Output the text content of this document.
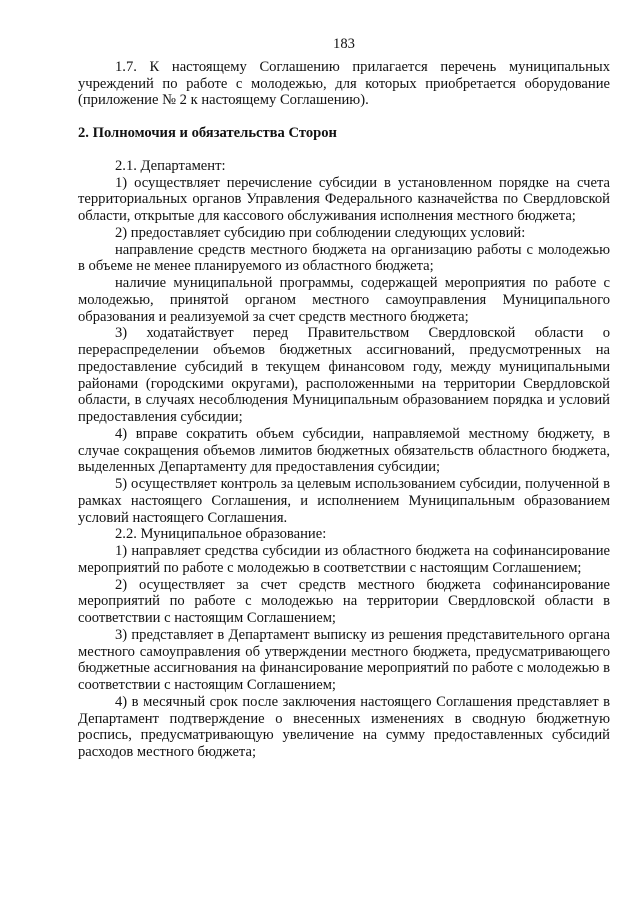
183

1.7. К настоящему Соглашению прилагается перечень муниципальных учреждений по работе с молодежью, для которых приобретается оборудование (приложение № 2 к настоящему Соглашению).

2. Полномочия и обязательства Сторон

2.1. Департамент:

1) осуществляет перечисление субсидии в установленном порядке на счета территориальных органов Управления Федерального казначейства по Свердловской области, открытые для кассового обслуживания исполнения местного бюджета;

2) предоставляет субсидию при соблюдении следующих условий:

направление средств местного бюджета на организацию работы с молодежью в объеме не менее планируемого из областного бюджета;

наличие муниципальной программы, содержащей мероприятия по работе с молодежью, принятой органом местного самоуправления Муниципального образования и реализуемой за счет средств местного бюджета;

3) ходатайствует перед Правительством Свердловской области о перераспределении объемов бюджетных ассигнований, предусмотренных на предоставление субсидий в текущем финансовом году, между муниципальными районами (городскими округами), расположенными на территории Свердловской области, в случаях несоблюдения Муниципальным образованием порядка и условий предоставления субсидии;

4) вправе сократить объем субсидии, направляемой местному бюджету, в случае сокращения объемов лимитов бюджетных обязательств областного бюджета, выделенных Департаменту для предоставления субсидии;

5) осуществляет контроль за целевым использованием субсидии, полученной в рамках настоящего Соглашения, и исполнением Муниципальным образованием условий настоящего Соглашения.

2.2. Муниципальное образование:

1) направляет средства субсидии из областного бюджета на софинансирование мероприятий по работе с молодежью в соответствии с настоящим Соглашением;

2) осуществляет за счет средств местного бюджета софинансирование мероприятий по работе с молодежью на территории Свердловской области в соответствии с настоящим Соглашением;

3) представляет в Департамент выписку из решения представительного органа местного самоуправления об утверждении местного бюджета, предусматривающего бюджетные ассигнования на финансирование мероприятий по работе с молодежью в соответствии с настоящим Соглашением;

4) в месячный срок после заключения настоящего Соглашения представляет в Департамент подтверждение о внесенных изменениях в сводную бюджетную роспись, предусматривающую увеличение на сумму предоставленных субсидий расходов местного бюджета;
